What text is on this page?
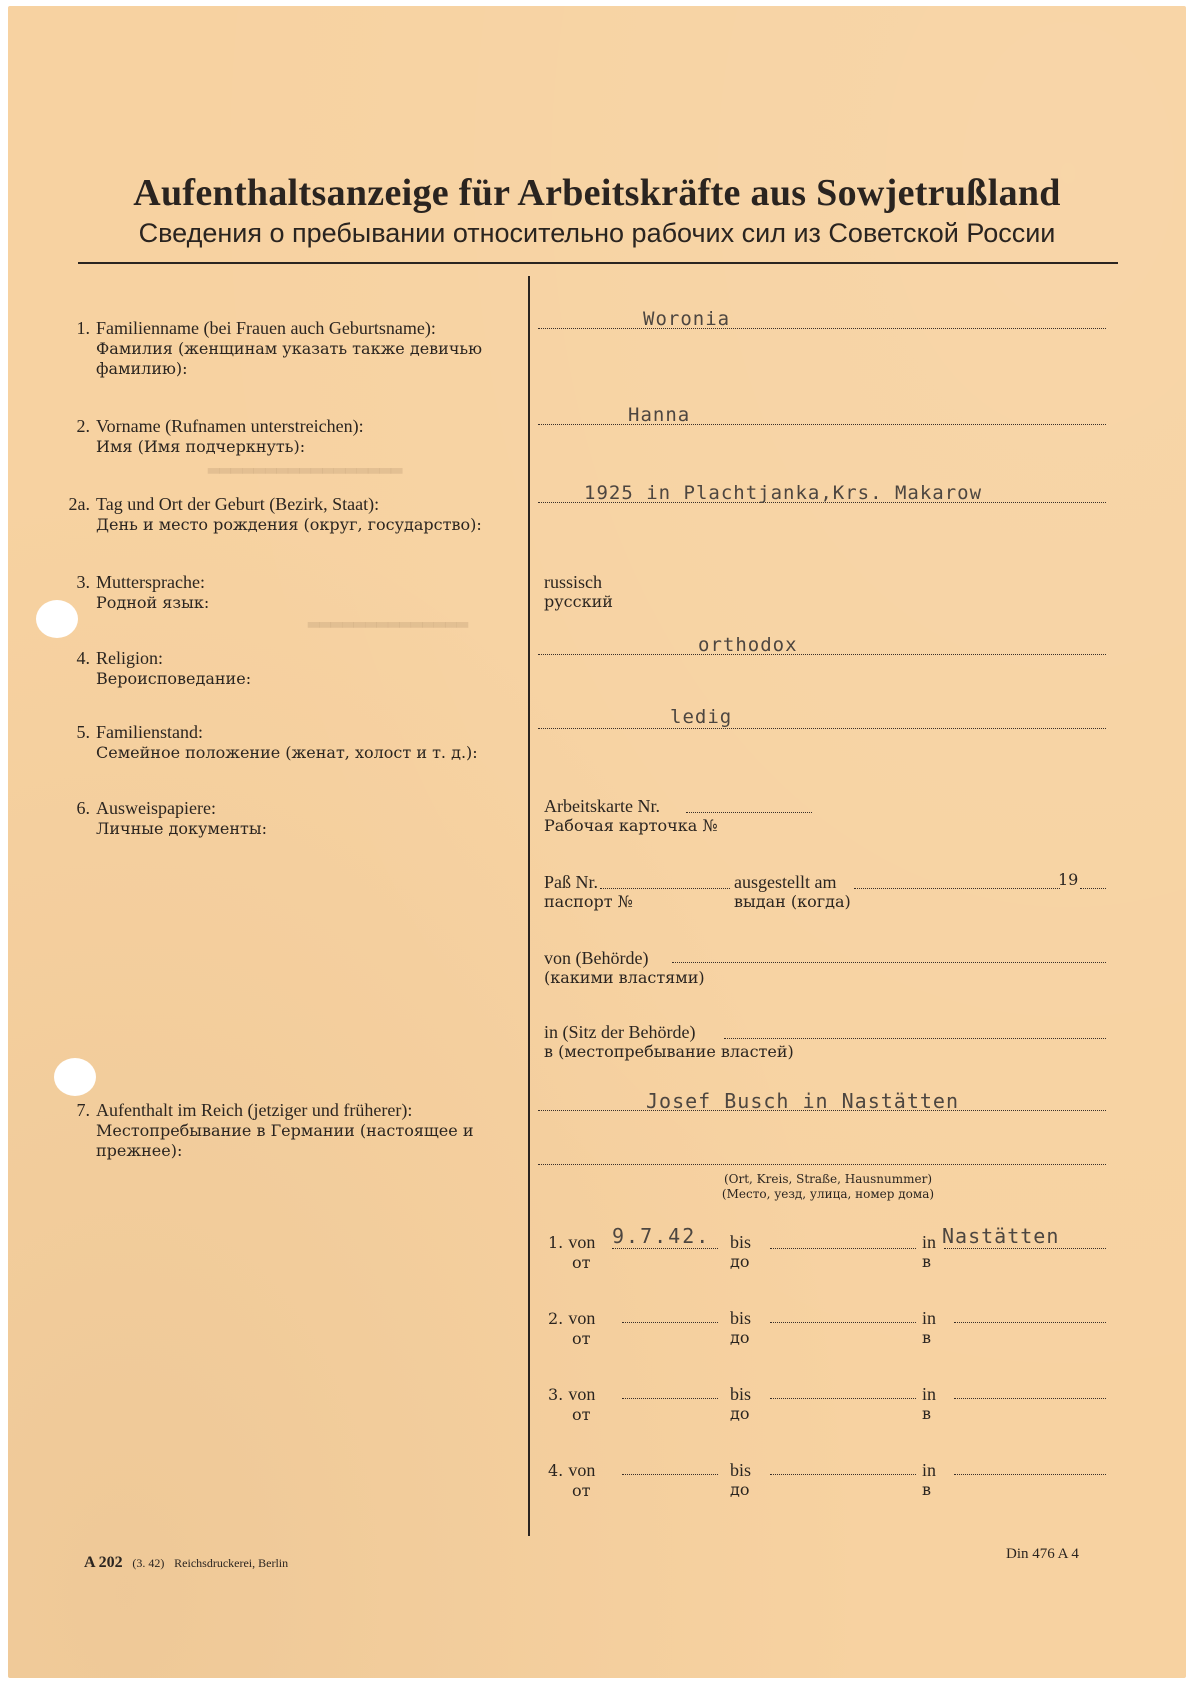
▂▂▂▂▂▂▂▂▂▂▂▂▂▂▂▂▂
▂▂▂▂▂▂▂▂▂▂▂▂▂▂
Aufenthaltsanzeige für Arbeitskräfte aus Sowjetrußland
Сведения о пребывании относительно рабочих сил из Советской России
1. Familienname (bei Frauen auch Geburtsname):
Фамилия (женщинам указать также девичью фамилию):
Woronia
2. Vorname (Rufnamen unterstreichen):
Имя (Имя подчеркнуть):
Hanna
2a. Tag und Ort der Geburt (Bezirk, Staat):
День и место рождения (округ, государство):
1925 in Plachtjanka,Krs. Makarow
3. Muttersprache:
Родной язык:
russisch
русский
4. Religion:
Вероисповедание:
orthodox
5. Familienstand:
Семейное положение (женат, холост и т. д.):
ledig
6. Ausweispapiere:
Личные документы:
Arbeitskarte Nr.
Рабочая карточка №
Paß Nr.
паспорт №
ausgestellt am
выдан (когда)
19
von (Behörde)
(какими властями)
in (Sitz der Behörde)
в (местопребывание властей)
7. Aufenthalt im Reich (jetziger und früherer):
Местопребывание в Германии (настоящее и прежнее):
Josef Busch in Nastätten
(Ort, Kreis, Straße, Hausnummer)
(Место, уезд, улица, номер дома)
1. von
от
9.7.42. bis
до
in
в
Nastätten
2. von
от
bis
до
in
в
3. von
от
bis
до
in
в
4. von
от
bis
до
in
в
A 202 (3. 42) Reichsdruckerei, Berlin
Din 476 A 4
